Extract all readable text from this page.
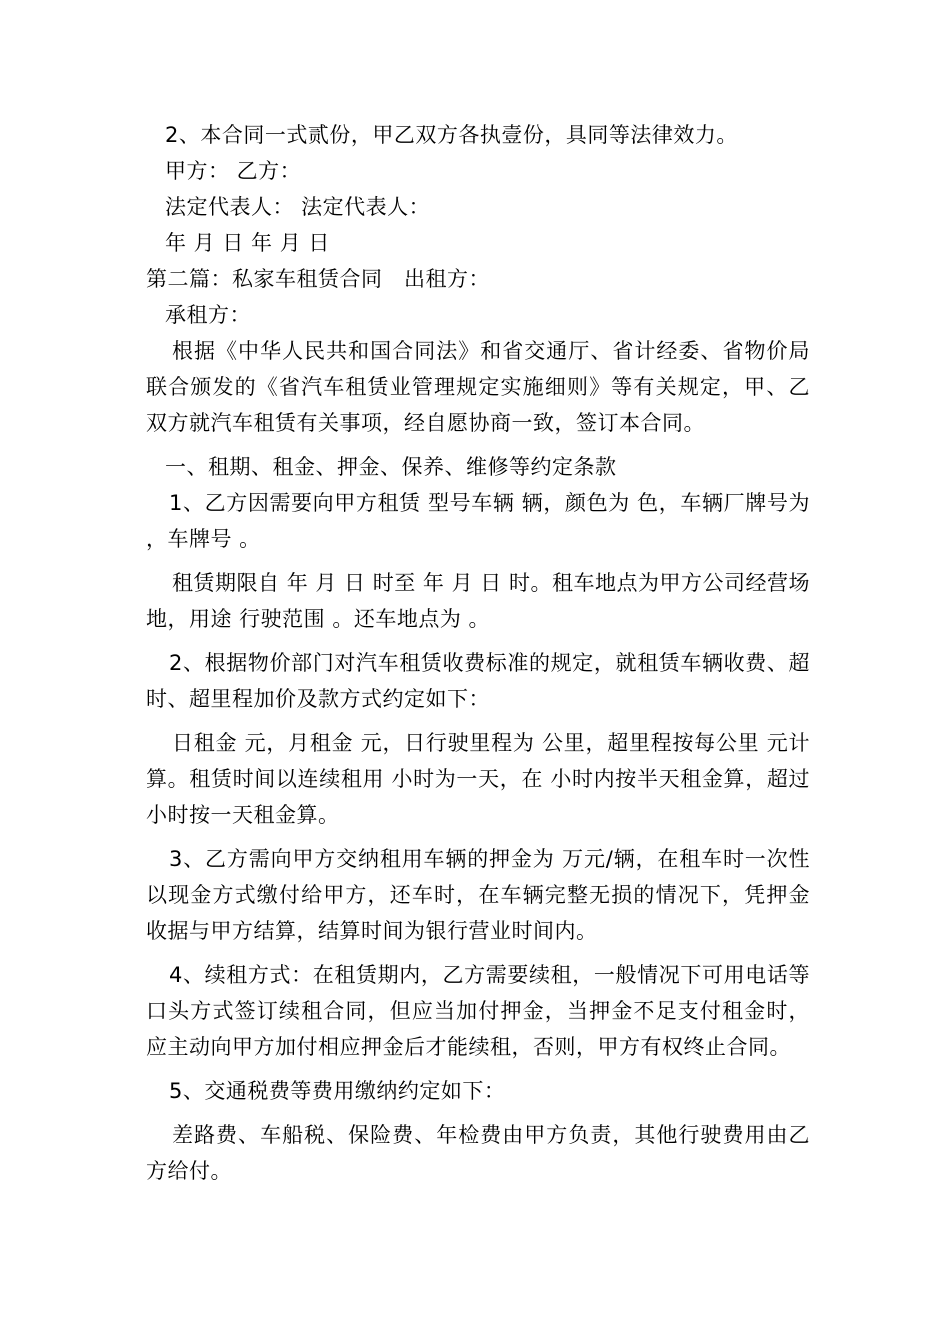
2、本合同一式贰份，甲乙双方各执壹份，具同等法律效力。

甲方： 乙方：

法定代表人： 法定代表人：

年 月 日 年 月 日

第二篇：私家车租赁合同　出租方：

承租方：

根据《中华人民共和国合同法》和省交通厅、省计经委、省物价局联合颁发的《省汽车租赁业管理规定实施细则》等有关规定，甲、乙双方就汽车租赁有关事项，经自愿协商一致，签订本合同。

一、租期、租金、押金、保养、维修等约定条款

1、乙方因需要向甲方租赁 型号车辆 辆，颜色为 色，车辆厂牌号为 ，车牌号 。

租赁期限自 年 月 日 时至 年 月 日 时。租车地点为甲方公司经营场地，用途 行驶范围 。还车地点为 。

2、根据物价部门对汽车租赁收费标准的规定，就租赁车辆收费、超时、超里程加价及款方式约定如下：

日租金 元，月租金 元，日行驶里程为 公里，超里程按每公里 元计算。租赁时间以连续租用 小时为一天，在 小时内按半天租金算，超过 小时按一天租金算。

3、乙方需向甲方交纳租用车辆的押金为 万元/辆，在租车时一次性以现金方式缴付给甲方，还车时，在车辆完整无损的情况下，凭押金收据与甲方结算，结算时间为银行营业时间内。

4、续租方式：在租赁期内，乙方需要续租，一般情况下可用电话等口头方式签订续租合同，但应当加付押金，当押金不足支付租金时，应主动向甲方加付相应押金后才能续租，否则，甲方有权终止合同。

5、交通税费等费用缴纳约定如下：

差路费、车船税、保险费、年检费由甲方负责，其他行驶费用由乙方给付。
